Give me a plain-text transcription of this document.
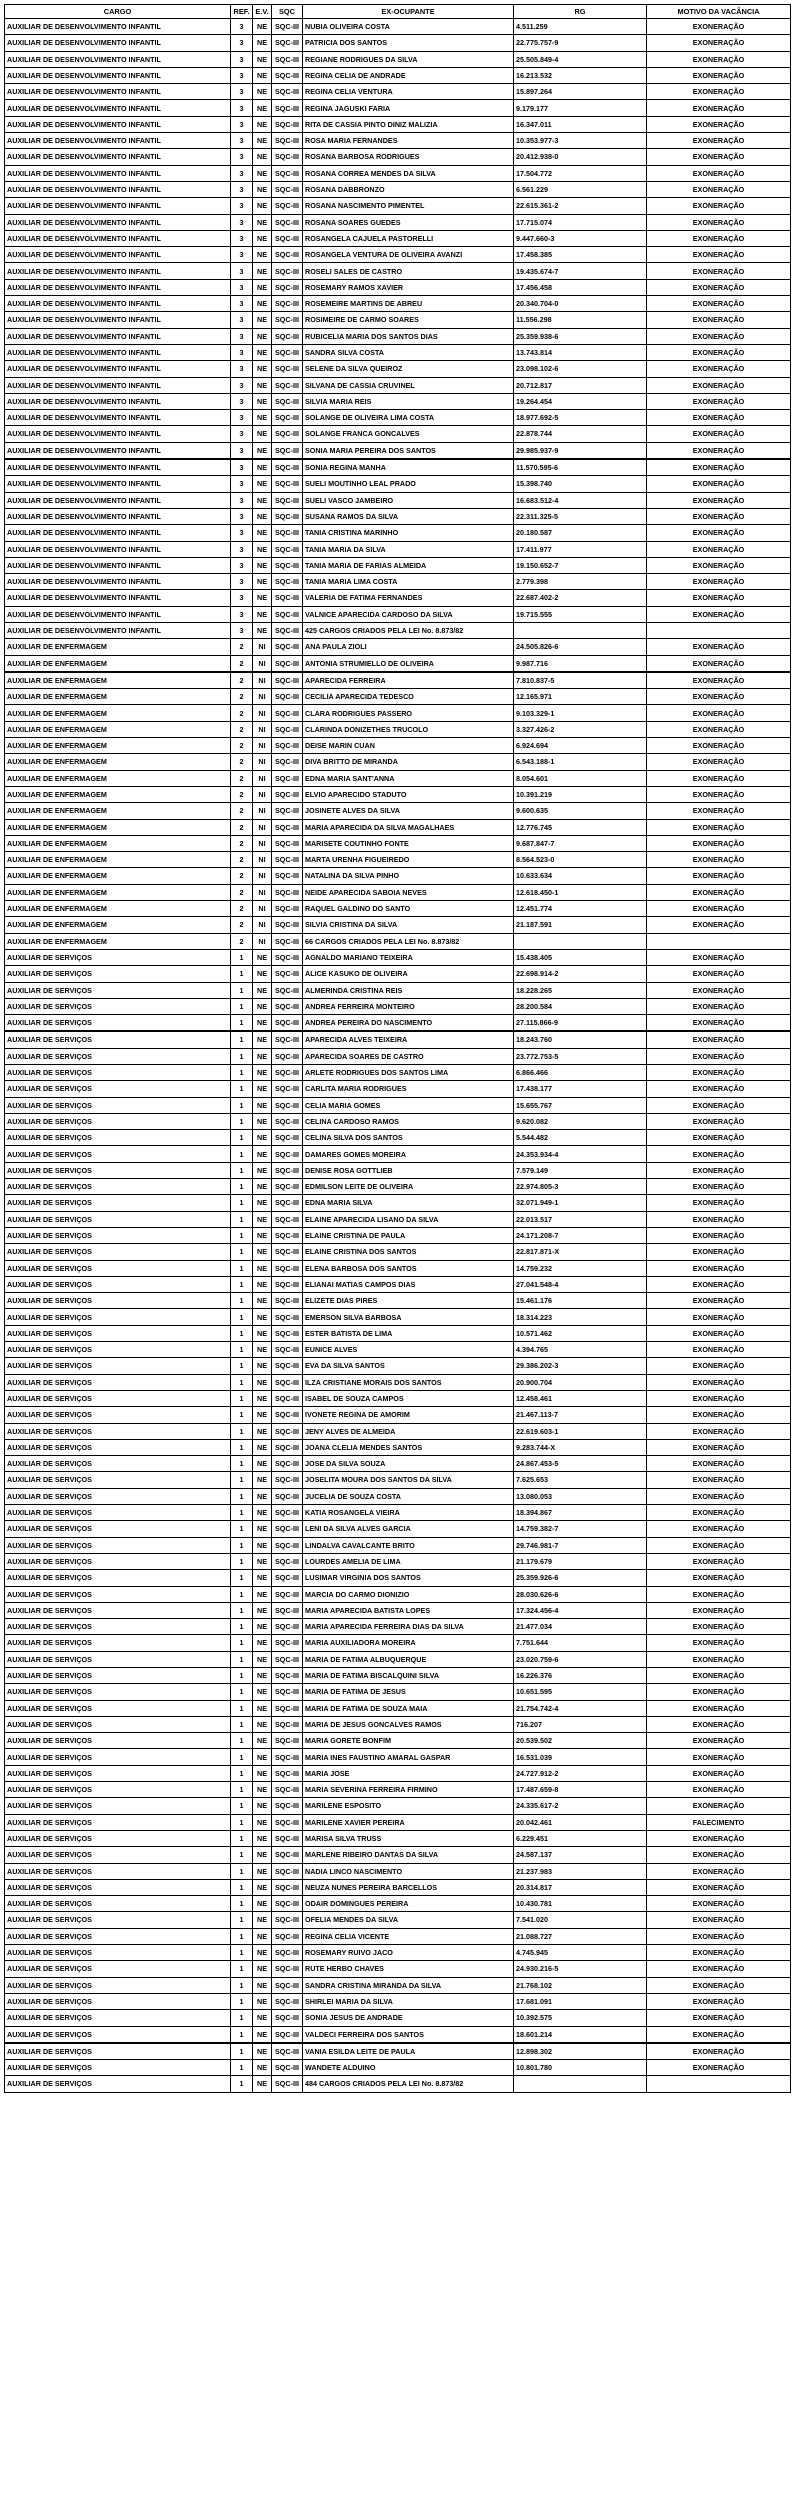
CARGO	REF.	E.V.	SQC	EX-OCUPANTE	RG	MOTIVO DA VACÂNCIA
AUXILIAR DE DESENVOLVIMENTO INFANTIL	3	NE	SQC-III	NUBIA OLIVEIRA COSTA	4.511.259	EXONERAÇÃO
AUXILIAR DE DESENVOLVIMENTO INFANTIL	3	NE	SQC-III	PATRICIA DOS SANTOS	22.775.757-9	EXONERAÇÃO
AUXILIAR DE DESENVOLVIMENTO INFANTIL	3	NE	SQC-III	REGIANE RODRIGUES DA SILVA	25.505.849-4	EXONERAÇÃO
AUXILIAR DE DESENVOLVIMENTO INFANTIL	3	NE	SQC-III	REGINA CELIA DE ANDRADE	16.213.532	EXONERAÇÃO
AUXILIAR DE DESENVOLVIMENTO INFANTIL	3	NE	SQC-III	REGINA CELIA VENTURA	15.897.264	EXONERAÇÃO
AUXILIAR DE DESENVOLVIMENTO INFANTIL	3	NE	SQC-III	REGINA JAGUSKI FARIA	9.179.177	EXONERAÇÃO
AUXILIAR DE DESENVOLVIMENTO INFANTIL	3	NE	SQC-III	RITA DE CASSIA PINTO DINIZ MALIZIA	16.347.011	EXONERAÇÃO
AUXILIAR DE DESENVOLVIMENTO INFANTIL	3	NE	SQC-III	ROSA MARIA FERNANDES	10.353.977-3	EXONERAÇÃO
AUXILIAR DE DESENVOLVIMENTO INFANTIL	3	NE	SQC-III	ROSANA BARBOSA RODRIGUES	20.412.938-0	EXONERAÇÃO
AUXILIAR DE DESENVOLVIMENTO INFANTIL	3	NE	SQC-III	ROSANA CORREA MENDES DA SILVA	17.504.772	EXONERAÇÃO
AUXILIAR DE DESENVOLVIMENTO INFANTIL	3	NE	SQC-III	ROSANA DABBRONZO	6.561.229	EXONERAÇÃO
AUXILIAR DE DESENVOLVIMENTO INFANTIL	3	NE	SQC-III	ROSANA NASCIMENTO PIMENTEL	22.615.361-2	EXONERAÇÃO
AUXILIAR DE DESENVOLVIMENTO INFANTIL	3	NE	SQC-III	ROSANA SOARES GUEDES	17.715.074	EXONERAÇÃO
AUXILIAR DE DESENVOLVIMENTO INFANTIL	3	NE	SQC-III	ROSANGELA CAJUELA PASTORELLI	9.447.660-3	EXONERAÇÃO
AUXILIAR DE DESENVOLVIMENTO INFANTIL	3	NE	SQC-III	ROSANGELA VENTURA DE OLIVEIRA AVANZI	17.458.385	EXONERAÇÃO
AUXILIAR DE DESENVOLVIMENTO INFANTIL	3	NE	SQC-III	ROSELI SALES DE CASTRO	19.435.674-7	EXONERAÇÃO
AUXILIAR DE DESENVOLVIMENTO INFANTIL	3	NE	SQC-III	ROSEMARY RAMOS XAVIER	17.456.458	EXONERAÇÃO
AUXILIAR DE DESENVOLVIMENTO INFANTIL	3	NE	SQC-III	ROSEMEIRE MARTINS DE ABREU	20.340.704-0	EXONERAÇÃO
AUXILIAR DE DESENVOLVIMENTO INFANTIL	3	NE	SQC-III	ROSIMEIRE DE CARMO SOARES	11.556.298	EXONERAÇÃO
AUXILIAR DE DESENVOLVIMENTO INFANTIL	3	NE	SQC-III	RUBICELIA MARIA DOS SANTOS DIAS	25.359.938-6	EXONERAÇÃO
AUXILIAR DE DESENVOLVIMENTO INFANTIL	3	NE	SQC-III	SANDRA SILVA COSTA	13.743.814	EXONERAÇÃO
AUXILIAR DE DESENVOLVIMENTO INFANTIL	3	NE	SQC-III	SELENE DA SILVA QUEIROZ	23.098.102-6	EXONERAÇÃO
AUXILIAR DE DESENVOLVIMENTO INFANTIL	3	NE	SQC-III	SILVANA DE CASSIA CRUVINEL	20.712.817	EXONERAÇÃO
AUXILIAR DE DESENVOLVIMENTO INFANTIL	3	NE	SQC-III	SILVIA MARIA REIS	19.264.454	EXONERAÇÃO
AUXILIAR DE DESENVOLVIMENTO INFANTIL	3	NE	SQC-III	SOLANGE DE OLIVEIRA LIMA COSTA	18.977.692-5	EXONERAÇÃO
AUXILIAR DE DESENVOLVIMENTO INFANTIL	3	NE	SQC-III	SOLANGE FRANCA GONCALVES	22.878.744	EXONERAÇÃO
AUXILIAR DE DESENVOLVIMENTO INFANTIL	3	NE	SQC-III	SONIA MARIA PEREIRA DOS SANTOS	29.985.937-9	EXONERAÇÃO
AUXILIAR DE DESENVOLVIMENTO INFANTIL	3	NE	SQC-III	SONIA REGINA MANHA	11.570.595-6	EXONERAÇÃO
AUXILIAR DE DESENVOLVIMENTO INFANTIL	3	NE	SQC-III	SUELI MOUTINHO LEAL PRADO	15.398.740	EXONERAÇÃO
AUXILIAR DE DESENVOLVIMENTO INFANTIL	3	NE	SQC-III	SUELI VASCO JAMBEIRO	16.683.512-4	EXONERAÇÃO
AUXILIAR DE DESENVOLVIMENTO INFANTIL	3	NE	SQC-III	SUSANA RAMOS DA SILVA	22.311.325-5	EXONERAÇÃO
AUXILIAR DE DESENVOLVIMENTO INFANTIL	3	NE	SQC-III	TANIA CRISTINA MARINHO	20.180.587	EXONERAÇÃO
AUXILIAR DE DESENVOLVIMENTO INFANTIL	3	NE	SQC-III	TANIA MARIA DA SILVA	17.411.977	EXONERAÇÃO
AUXILIAR DE DESENVOLVIMENTO INFANTIL	3	NE	SQC-III	TANIA MARIA DE FARIAS ALMEIDA	19.150.652-7	EXONERAÇÃO
AUXILIAR DE DESENVOLVIMENTO INFANTIL	3	NE	SQC-III	TANIA MARIA LIMA COSTA	2.779.398	EXONERAÇÃO
AUXILIAR DE DESENVOLVIMENTO INFANTIL	3	NE	SQC-III	VALERIA DE FATIMA FERNANDES	22.687.402-2	EXONERAÇÃO
AUXILIAR DE DESENVOLVIMENTO INFANTIL	3	NE	SQC-III	VALNICE APARECIDA CARDOSO DA SILVA	19.715.555	EXONERAÇÃO
AUXILIAR DE DESENVOLVIMENTO INFANTIL	3	NE	SQC-III	425 CARGOS CRIADOS PELA LEI No. 8.873/82		
AUXILIAR DE ENFERMAGEM	2	NI	SQC-III	ANA PAULA ZIOLI	24.505.826-6	EXONERAÇÃO
AUXILIAR DE ENFERMAGEM	2	NI	SQC-III	ANTONIA STRUMIELLO DE OLIVEIRA	9.987.716	EXONERAÇÃO
AUXILIAR DE ENFERMAGEM	2	NI	SQC-III	APARECIDA FERREIRA	7.810.837-5	EXONERAÇÃO
AUXILIAR DE ENFERMAGEM	2	NI	SQC-III	CECILIA APARECIDA TEDESCO	12.165.971	EXONERAÇÃO
AUXILIAR DE ENFERMAGEM	2	NI	SQC-III	CLARA RODRIGUES PASSERO	9.103.329-1	EXONERAÇÃO
AUXILIAR DE ENFERMAGEM	2	NI	SQC-III	CLARINDA DONIZETHES TRUCOLO	3.327.426-2	EXONERAÇÃO
AUXILIAR DE ENFERMAGEM	2	NI	SQC-III	DEISE MARIN CUAN	6.924.694	EXONERAÇÃO
AUXILIAR DE ENFERMAGEM	2	NI	SQC-III	DIVA BRITTO DE MIRANDA	6.543.188-1	EXONERAÇÃO
AUXILIAR DE ENFERMAGEM	2	NI	SQC-III	EDNA MARIA SANT'ANNA	8.054.601	EXONERAÇÃO
AUXILIAR DE ENFERMAGEM	2	NI	SQC-III	ELVIO APARECIDO STADUTO	10.391.219	EXONERAÇÃO
AUXILIAR DE ENFERMAGEM	2	NI	SQC-III	JOSINETE ALVES DA SILVA	9.600.635	EXONERAÇÃO
AUXILIAR DE ENFERMAGEM	2	NI	SQC-III	MARIA APARECIDA DA SILVA MAGALHAES	12.776.745	EXONERAÇÃO
AUXILIAR DE ENFERMAGEM	2	NI	SQC-III	MARISETE COUTINHO FONTE	9.687.847-7	EXONERAÇÃO
AUXILIAR DE ENFERMAGEM	2	NI	SQC-III	MARTA URENHA FIGUEIREDO	8.564.523-0	EXONERAÇÃO
AUXILIAR DE ENFERMAGEM	2	NI	SQC-III	NATALINA DA SILVA PINHO	10.633.634	EXONERAÇÃO
AUXILIAR DE ENFERMAGEM	2	NI	SQC-III	NEIDE APARECIDA SABOIA NEVES	12.618.450-1	EXONERAÇÃO
AUXILIAR DE ENFERMAGEM	2	NI	SQC-III	RAQUEL GALDINO DO SANTO	12.451.774	EXONERAÇÃO
AUXILIAR DE ENFERMAGEM	2	NI	SQC-III	SILVIA CRISTINA DA SILVA	21.187.591	EXONERAÇÃO
AUXILIAR DE ENFERMAGEM	2	NI	SQC-III	66 CARGOS CRIADOS PELA LEI No. 8.873/82		
AUXILIAR DE SERVIÇOS	1	NE	SQC-III	AGNALDO MARIANO TEIXEIRA	15.438.405	EXONERAÇÃO
AUXILIAR DE SERVIÇOS	1	NE	SQC-III	ALICE KASUKO DE OLIVEIRA	22.698.914-2	EXONERAÇÃO
AUXILIAR DE SERVIÇOS	1	NE	SQC-III	ALMERINDA CRISTINA REIS	18.228.265	EXONERAÇÃO
AUXILIAR DE SERVIÇOS	1	NE	SQC-III	ANDREA FERREIRA MONTEIRO	28.200.584	EXONERAÇÃO
AUXILIAR DE SERVIÇOS	1	NE	SQC-III	ANDREA PEREIRA DO NASCIMENTO	27.115.866-9	EXONERAÇÃO
AUXILIAR DE SERVIÇOS	1	NE	SQC-III	APARECIDA ALVES TEIXEIRA	18.243.760	EXONERAÇÃO
AUXILIAR DE SERVIÇOS	1	NE	SQC-III	APARECIDA SOARES DE CASTRO	23.772.753-5	EXONERAÇÃO
AUXILIAR DE SERVIÇOS	1	NE	SQC-III	ARLETE RODRIGUES DOS SANTOS LIMA	6.866.466	EXONERAÇÃO
AUXILIAR DE SERVIÇOS	1	NE	SQC-III	CARLITA MARIA RODRIGUES	17.438.177	EXONERAÇÃO
AUXILIAR DE SERVIÇOS	1	NE	SQC-III	CELIA MARIA GOMES	15.655.767	EXONERAÇÃO
AUXILIAR DE SERVIÇOS	1	NE	SQC-III	CELINA CARDOSO RAMOS	9.620.082	EXONERAÇÃO
AUXILIAR DE SERVIÇOS	1	NE	SQC-III	CELINA SILVA DOS SANTOS	5.544.482	EXONERAÇÃO
AUXILIAR DE SERVIÇOS	1	NE	SQC-III	DAMARES GOMES MOREIRA	24.353.934-4	EXONERAÇÃO
AUXILIAR DE SERVIÇOS	1	NE	SQC-III	DENISE ROSA GOTTLIEB	7.579.149	EXONERAÇÃO
AUXILIAR DE SERVIÇOS	1	NE	SQC-III	EDMILSON LEITE DE OLIVEIRA	22.974.805-3	EXONERAÇÃO
AUXILIAR DE SERVIÇOS	1	NE	SQC-III	EDNA MARIA SILVA	32.071.949-1	EXONERAÇÃO
AUXILIAR DE SERVIÇOS	1	NE	SQC-III	ELAINE APARECIDA LISANO DA SILVA	22.013.517	EXONERAÇÃO
AUXILIAR DE SERVIÇOS	1	NE	SQC-III	ELAINE CRISTINA DE PAULA	24.171.208-7	EXONERAÇÃO
AUXILIAR DE SERVIÇOS	1	NE	SQC-III	ELAINE CRISTINA DOS SANTOS	22.817.871-X	EXONERAÇÃO
AUXILIAR DE SERVIÇOS	1	NE	SQC-III	ELENA BARBOSA DOS SANTOS	14.759.232	EXONERAÇÃO
AUXILIAR DE SERVIÇOS	1	NE	SQC-III	ELIANAI MATIAS CAMPOS DIAS	27.041.548-4	EXONERAÇÃO
AUXILIAR DE SERVIÇOS	1	NE	SQC-III	ELIZETE DIAS PIRES	15.461.176	EXONERAÇÃO
AUXILIAR DE SERVIÇOS	1	NE	SQC-III	EMERSON SILVA BARBOSA	18.314.223	EXONERAÇÃO
AUXILIAR DE SERVIÇOS	1	NE	SQC-III	ESTER BATISTA DE LIMA	10.571.462	EXONERAÇÃO
AUXILIAR DE SERVIÇOS	1	NE	SQC-III	EUNICE ALVES	4.394.765	EXONERAÇÃO
AUXILIAR DE SERVIÇOS	1	NE	SQC-III	EVA DA SILVA SANTOS	29.386.202-3	EXONERAÇÃO
AUXILIAR DE SERVIÇOS	1	NE	SQC-III	ILZA CRISTIANE MORAIS DOS SANTOS	20.900.704	EXONERAÇÃO
AUXILIAR DE SERVIÇOS	1	NE	SQC-III	ISABEL DE SOUZA CAMPOS	12.458.461	EXONERAÇÃO
AUXILIAR DE SERVIÇOS	1	NE	SQC-III	IVONETE REGINA DE AMORIM	21.467.113-7	EXONERAÇÃO
AUXILIAR DE SERVIÇOS	1	NE	SQC-III	JENY ALVES DE ALMEIDA	22.619.603-1	EXONERAÇÃO
AUXILIAR DE SERVIÇOS	1	NE	SQC-III	JOANA CLELIA MENDES SANTOS	9.283.744-X	EXONERAÇÃO
AUXILIAR DE SERVIÇOS	1	NE	SQC-III	JOSE DA SILVA SOUZA	24.867.453-5	EXONERAÇÃO
AUXILIAR DE SERVIÇOS	1	NE	SQC-III	JOSELITA MOURA DOS SANTOS DA SILVA	7.625.653	EXONERAÇÃO
AUXILIAR DE SERVIÇOS	1	NE	SQC-III	JUCELIA DE SOUZA COSTA	13.080.053	EXONERAÇÃO
AUXILIAR DE SERVIÇOS	1	NE	SQC-III	KATIA ROSANGELA VIEIRA	18.394.867	EXONERAÇÃO
AUXILIAR DE SERVIÇOS	1	NE	SQC-III	LENI DA SILVA ALVES GARCIA	14.759.382-7	EXONERAÇÃO
AUXILIAR DE SERVIÇOS	1	NE	SQC-III	LINDALVA CAVALCANTE BRITO	29.746.981-7	EXONERAÇÃO
AUXILIAR DE SERVIÇOS	1	NE	SQC-III	LOURDES AMELIA DE LIMA	21.179.679	EXONERAÇÃO
AUXILIAR DE SERVIÇOS	1	NE	SQC-III	LUSIMAR VIRGINIA DOS SANTOS	25.359.926-6	EXONERAÇÃO
AUXILIAR DE SERVIÇOS	1	NE	SQC-III	MARCIA DO CARMO DIONIZIO	28.030.626-6	EXONERAÇÃO
AUXILIAR DE SERVIÇOS	1	NE	SQC-III	MARIA APARECIDA BATISTA LOPES	17.324.456-4	EXONERAÇÃO
AUXILIAR DE SERVIÇOS	1	NE	SQC-III	MARIA APARECIDA FERREIRA DIAS DA SILVA	21.477.034	EXONERAÇÃO
AUXILIAR DE SERVIÇOS	1	NE	SQC-III	MARIA AUXILIADORA MOREIRA	7.751.644	EXONERAÇÃO
AUXILIAR DE SERVIÇOS	1	NE	SQC-III	MARIA DE FATIMA ALBUQUERQUE	23.020.759-6	EXONERAÇÃO
AUXILIAR DE SERVIÇOS	1	NE	SQC-III	MARIA DE FATIMA BISCALQUINI SILVA	16.226.376	EXONERAÇÃO
AUXILIAR DE SERVIÇOS	1	NE	SQC-III	MARIA DE FATIMA DE JESUS	10.651.595	EXONERAÇÃO
AUXILIAR DE SERVIÇOS	1	NE	SQC-III	MARIA DE FATIMA DE SOUZA MAIA	21.754.742-4	EXONERAÇÃO
AUXILIAR DE SERVIÇOS	1	NE	SQC-III	MARIA DE JESUS GONCALVES RAMOS	716.207	EXONERAÇÃO
AUXILIAR DE SERVIÇOS	1	NE	SQC-III	MARIA GORETE BONFIM	20.539.502	EXONERAÇÃO
AUXILIAR DE SERVIÇOS	1	NE	SQC-III	MARIA INES FAUSTINO AMARAL GASPAR	16.531.039	EXONERAÇÃO
AUXILIAR DE SERVIÇOS	1	NE	SQC-III	MARIA JOSE	24.727.912-2	EXONERAÇÃO
AUXILIAR DE SERVIÇOS	1	NE	SQC-III	MARIA SEVERINA FERREIRA FIRMINO	17.487.659-8	EXONERAÇÃO
AUXILIAR DE SERVIÇOS	1	NE	SQC-III	MARILENE ESPOSITO	24.335.617-2	EXONERAÇÃO
AUXILIAR DE SERVIÇOS	1	NE	SQC-III	MARILENE XAVIER PEREIRA	20.042.461	FALECIMENTO
AUXILIAR DE SERVIÇOS	1	NE	SQC-III	MARISA SILVA TRUSS	6.229.451	EXONERAÇÃO
AUXILIAR DE SERVIÇOS	1	NE	SQC-III	MARLENE RIBEIRO DANTAS DA SILVA	24.587.137	EXONERAÇÃO
AUXILIAR DE SERVIÇOS	1	NE	SQC-III	NADIA LINCO NASCIMENTO	21.237.983	EXONERAÇÃO
AUXILIAR DE SERVIÇOS	1	NE	SQC-III	NEUZA NUNES PEREIRA BARCELLOS	20.314.817	EXONERAÇÃO
AUXILIAR DE SERVIÇOS	1	NE	SQC-III	ODAIR DOMINGUES PEREIRA	10.430.781	EXONERAÇÃO
AUXILIAR DE SERVIÇOS	1	NE	SQC-III	OFELIA MENDES DA SILVA	7.541.020	EXONERAÇÃO
AUXILIAR DE SERVIÇOS	1	NE	SQC-III	REGINA CELIA VICENTE	21.088.727	EXONERAÇÃO
AUXILIAR DE SERVIÇOS	1	NE	SQC-III	ROSEMARY RUIVO JACO	4.745.945	EXONERAÇÃO
AUXILIAR DE SERVIÇOS	1	NE	SQC-III	RUTE HERBO CHAVES	24.930.216-5	EXONERAÇÃO
AUXILIAR DE SERVIÇOS	1	NE	SQC-III	SANDRA CRISTINA MIRANDA DA SILVA	21.768.102	EXONERAÇÃO
AUXILIAR DE SERVIÇOS	1	NE	SQC-III	SHIRLEI MARIA DA SILVA	17.681.091	EXONERAÇÃO
AUXILIAR DE SERVIÇOS	1	NE	SQC-III	SONIA JESUS DE ANDRADE	10.392.575	EXONERAÇÃO
AUXILIAR DE SERVIÇOS	1	NE	SQC-III	VALDECI FERREIRA DOS SANTOS	18.601.214	EXONERAÇÃO
AUXILIAR DE SERVIÇOS	1	NE	SQC-III	VANIA ESILDA LEITE DE PAULA	12.898.302	EXONERAÇÃO
AUXILIAR DE SERVIÇOS	1	NE	SQC-III	WANDETE ALDUINO	10.801.780	EXONERAÇÃO
AUXILIAR DE SERVIÇOS	1	NE	SQC-III	484 CARGOS CRIADOS PELA LEI No. 8.873/82		
